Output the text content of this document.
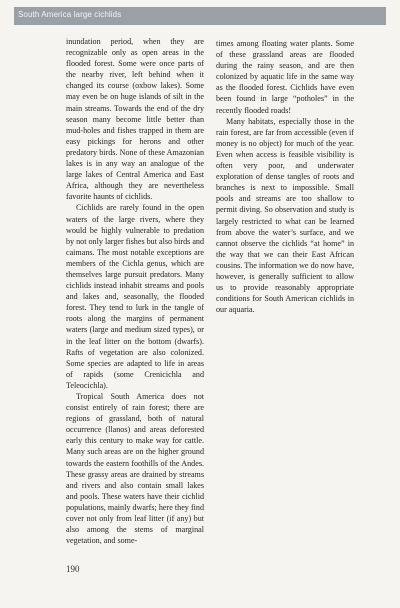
South America large cichlids

inundation period, when they are recognizable only as open areas in the flooded forest. Some were once parts of the nearby river, left behind when it changed its course (oxbow lakes). Some may even be on huge islands of silt in the main streams. Towards the end of the dry season many become little better than mud-holes and fishes trapped in them are easy pickings for herons and other predatory birds. None of these Amazonian lakes is in any way an analogue of the large lakes of Central America and East Africa, although they are nevertheless favorite haunts of cichlids.

Cichlids are rarely found in the open waters of the large rivers, where they would be highly vulnerable to predation by not only larger fishes but also birds and caimans. The most notable exceptions are members of the Cichla genus, which are themselves large pursuit predators. Many cichlids instead inhabit streams and pools and lakes and, seasonally, the flooded forest. They tend to lurk in the tangle of roots along the margins of permanent waters (large and medium sized types), or in the leaf litter on the bottom (dwarfs). Rafts of vegetation are also colonized. Some species are adapted to life in areas of rapids (some Crenicichla and Teleocichla).

Tropical South America does not consist entirely of rain forest; there are regions of grassland, both of natural occurrence (llanos) and areas deforested early this century to make way for cattle. Many such areas are on the higher ground towards the eastern foothills of the Andes. These grassy areas are drained by streams and rivers and also contain small lakes and pools. These waters have their cichlid populations, mainly dwarfs; here they find cover not only from leaf litter (if any) but also among the stems of marginal vegetation, and some-

times among floating water plants. Some of these grassland areas are flooded during the rainy season, and are then colonized by aquatic life in the same way as the flooded forest. Cichlids have even been found in large “potholes” in the recently flooded roads!

Many habitats, especially those in the rain forest, are far from accessible (even if money is no object) for much of the year. Even when access is feasible visibility is often very poor, and underwater exploration of dense tangles of roots and branches is next to impossible. Small pools and streams are too shallow to permit diving. So observation and study is largely restricted to what can be learned from above the water’s surface, and we cannot observe the cichlids “at home” in the way that we can their East African cousins. The information we do now have, however, is generally sufficient to allow us to provide reasonably appropriate conditions for South American cichlids in our aquaria.

190
